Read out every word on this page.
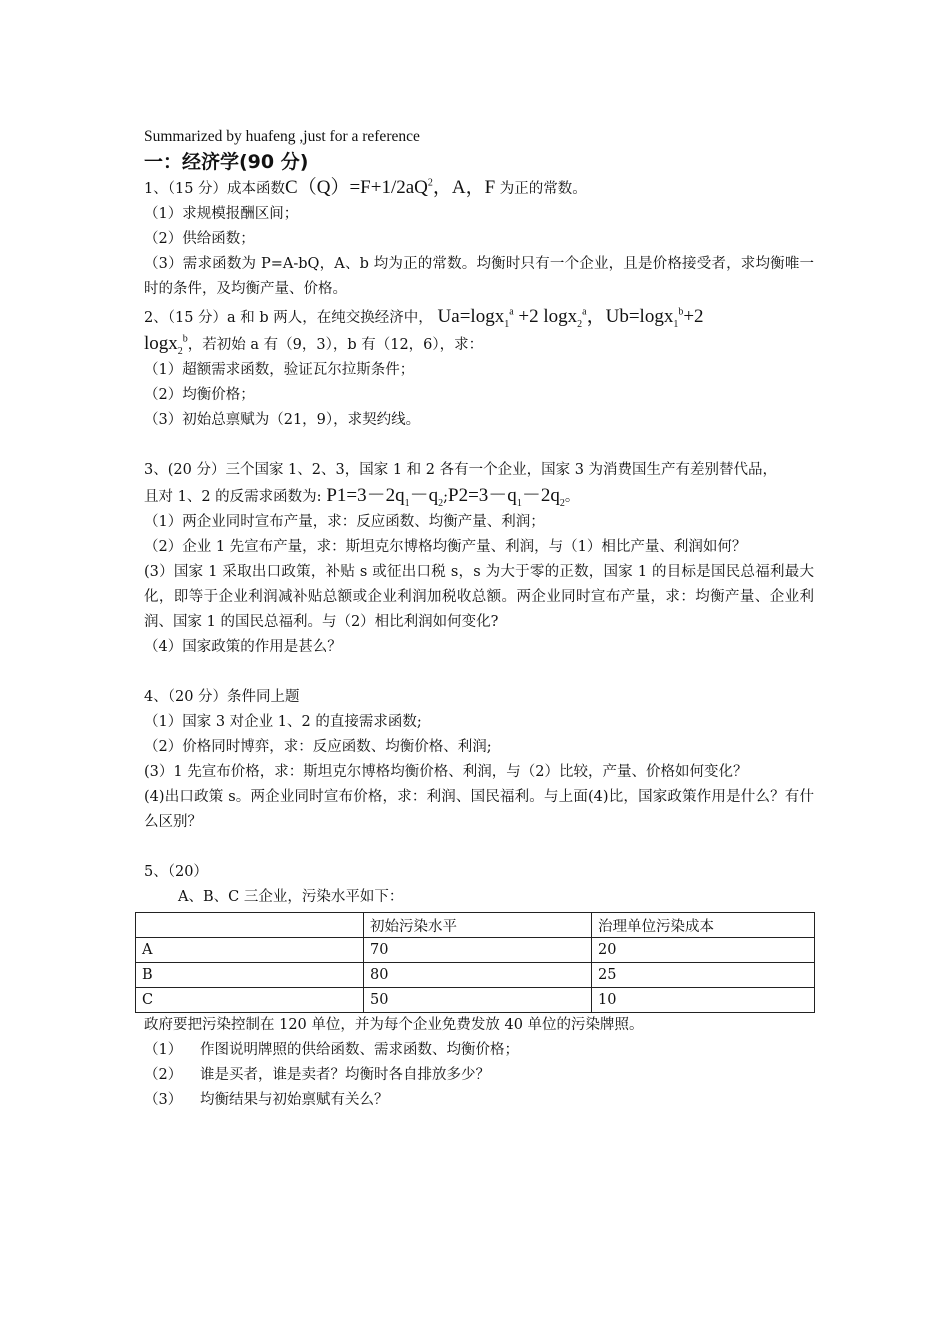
Summarized by huafeng ,just for a reference
一：经济学(90 分)
1、（15 分）成本函数$C(Q)=F+1/2aQ^2$，A，F 为正的常数。
（1）求规模报酬区间；
（2）供给函数；
（3）需求函数为 P=A-bQ，A、b 均为正的常数。均衡时只有一个企业，且是价格接受者，求均衡唯一时的条件，及均衡产量、价格。
2、（15 分）a 和 b 两人，在纯交换经济中， Ua=logx$_1^a$ +2 logx$_2^a$，Ub=logx$_1^b$+2
logx$_2^b$，若初始 a 有（9，3），b 有（12，6），求：
（1）超额需求函数，验证瓦尔拉斯条件；
（2）均衡价格；
（3）初始总禀赋为（21，9），求契约线。
3、(20 分）三个国家 1、2、3，国家 1 和 2 各有一个企业，国家 3 为消费国生产有差别替代品，
且对 1、2 的反需求函数为: $P1=3-2q_1-q_2;P2=3-q_1-2q_2$。
（1）两企业同时宣布产量，求：反应函数、均衡产量、利润；
（2）企业 1 先宣布产量，求：斯坦克尔博格均衡产量、利润，与（1）相比产量、利润如何？
(3）国家 1 采取出口政策，补贴 s 或征出口税 s，s 为大于零的正数，国家 1 的目标是国民总福利最大化，即等于企业利润减补贴总额或企业利润加税收总额。两企业同时宣布产量，求：均衡产量、企业利润、国家 1 的国民总福利。与（2）相比利润如何变化?
（4）国家政策的作用是甚么？
4、（20 分）条件同上题
（1）国家 3 对企业 1、2 的直接需求函数;
（2）价格同时博弈，求：反应函数、均衡价格、利润;
(3）1 先宣布价格，求：斯坦克尔博格均衡价格、利润，与（2）比较，产量、价格如何变化？
(4)出口政策 s。两企业同时宣布价格，求：利润、国民福利。与上面(4)比，国家政策作用是什么？有什么区别？
5、（20）
A、B、C 三企业，污染水平如下：
	初始污染水平	治理单位污染成本
A	70	20
B	80	25
C	50	10
政府要把污染控制在 120 单位，并为每个企业免费发放 40 单位的污染牌照。
（1） 作图说明牌照的供给函数、需求函数、均衡价格；
（2） 谁是买者，谁是卖者？均衡时各自排放多少？
（3） 均衡结果与初始禀赋有关么？
